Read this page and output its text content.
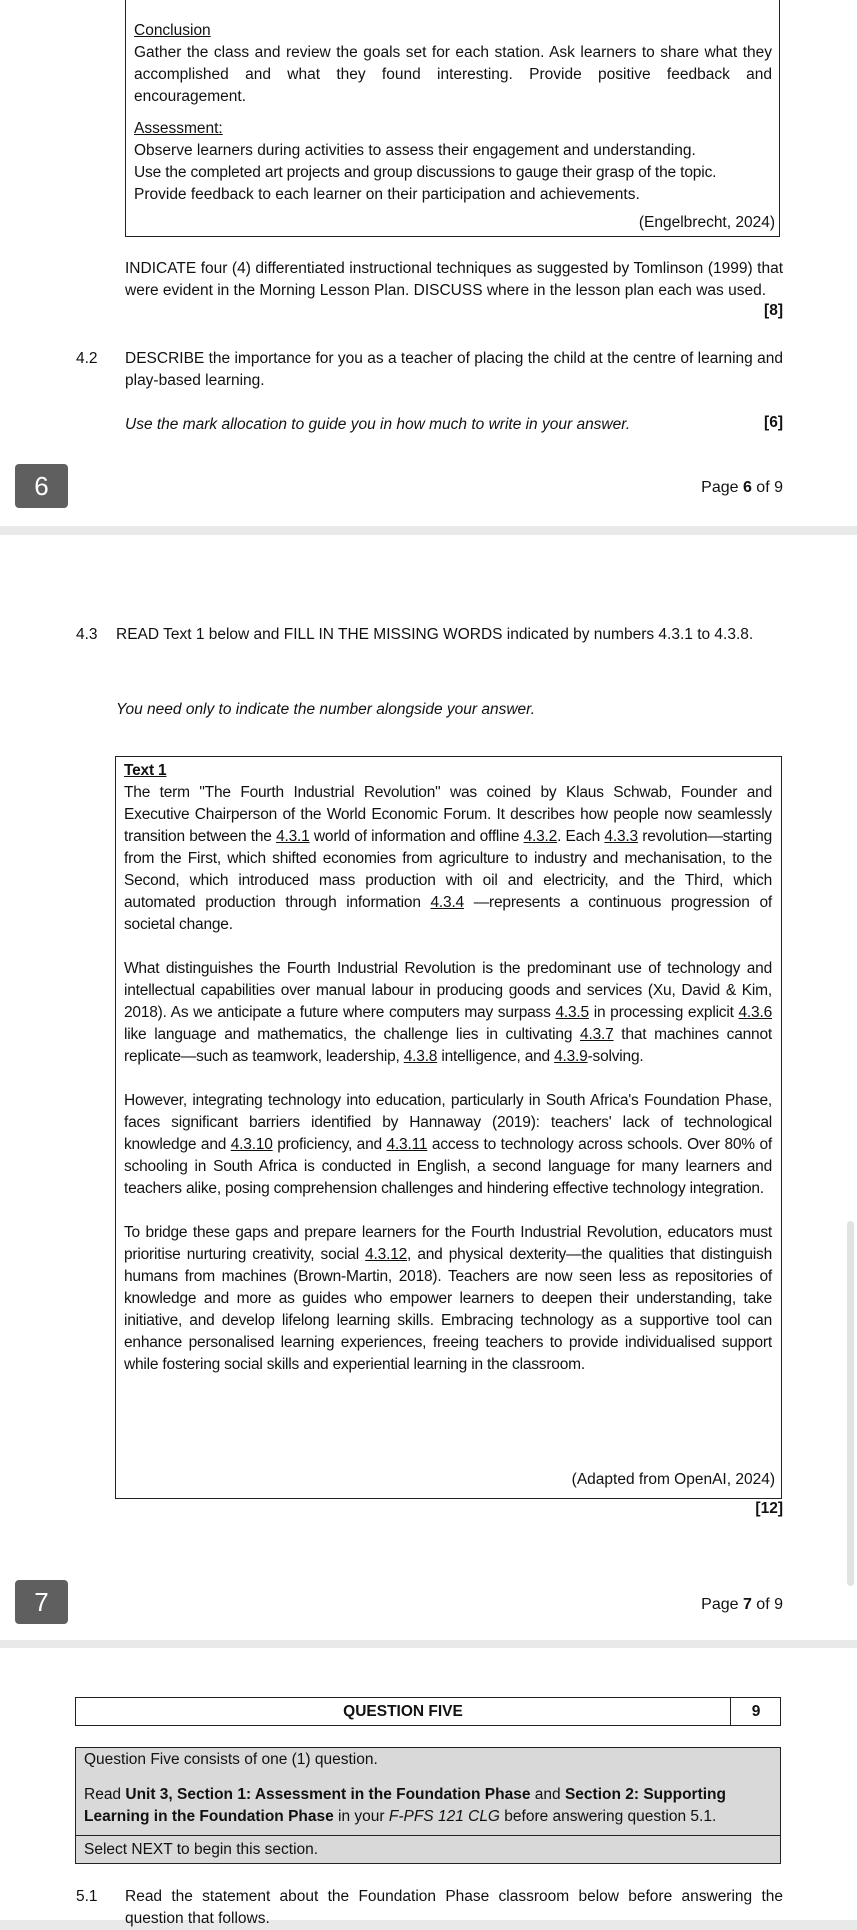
Conclusion
Gather the class and review the goals set for each station. Ask learners to share what they accomplished and what they found interesting. Provide positive feedback and encouragement.
Assessment:
Observe learners during activities to assess their engagement and understanding.
Use the completed art projects and group discussions to gauge their grasp of the topic.
Provide feedback to each learner on their participation and achievements.
(Engelbrecht, 2024)
INDICATE four (4) differentiated instructional techniques as suggested by Tomlinson (1999) that were evident in the Morning Lesson Plan. DISCUSS where in the lesson plan each was used.
[8]
4.2 DESCRIBE the importance for you as a teacher of placing the child at the centre of learning and play-based learning.
Use the mark allocation to guide you in how much to write in your answer.	[6]
6	Page 6 of 9
4.3 READ Text 1 below and FILL IN THE MISSING WORDS indicated by numbers 4.3.1 to 4.3.8.
You need only to indicate the number alongside your answer.
Text 1

The term "The Fourth Industrial Revolution" was coined by Klaus Schwab, Founder and Executive Chairperson of the World Economic Forum. It describes how people now seamlessly transition between the 4.3.1 world of information and offline 4.3.2. Each 4.3.3 revolution—starting from the First, which shifted economies from agriculture to industry and mechanisation, to the Second, which introduced mass production with oil and electricity, and the Third, which automated production through information 4.3.4 —represents a continuous progression of societal change.

What distinguishes the Fourth Industrial Revolution is the predominant use of technology and intellectual capabilities over manual labour in producing goods and services (Xu, David & Kim, 2018). As we anticipate a future where computers may surpass 4.3.5 in processing explicit 4.3.6 like language and mathematics, the challenge lies in cultivating 4.3.7 that machines cannot replicate—such as teamwork, leadership, 4.3.8 intelligence, and 4.3.9-solving.

However, integrating technology into education, particularly in South Africa's Foundation Phase, faces significant barriers identified by Hannaway (2019): teachers' lack of technological knowledge and 4.3.10 proficiency, and 4.3.11 access to technology across schools. Over 80% of schooling in South Africa is conducted in English, a second language for many learners and teachers alike, posing comprehension challenges and hindering effective technology integration.

To bridge these gaps and prepare learners for the Fourth Industrial Revolution, educators must prioritise nurturing creativity, social 4.3.12, and physical dexterity—the qualities that distinguish humans from machines (Brown-Martin, 2018). Teachers are now seen less as repositories of knowledge and more as guides who empower learners to deepen their understanding, take initiative, and develop lifelong learning skills. Embracing technology as a supportive tool can enhance personalised learning experiences, freeing teachers to provide individualised support while fostering social skills and experiential learning in the classroom.

(Adapted from OpenAI, 2024)
[12]
7	Page 7 of 9
QUESTION FIVE	9
Question Five consists of one (1) question.
Read Unit 3, Section 1: Assessment in the Foundation Phase and Section 2: Supporting Learning in the Foundation Phase in your F-PFS 121 CLG before answering question 5.1.
Select NEXT to begin this section.
5.1 Read the statement about the Foundation Phase classroom below before answering the question that follows.
